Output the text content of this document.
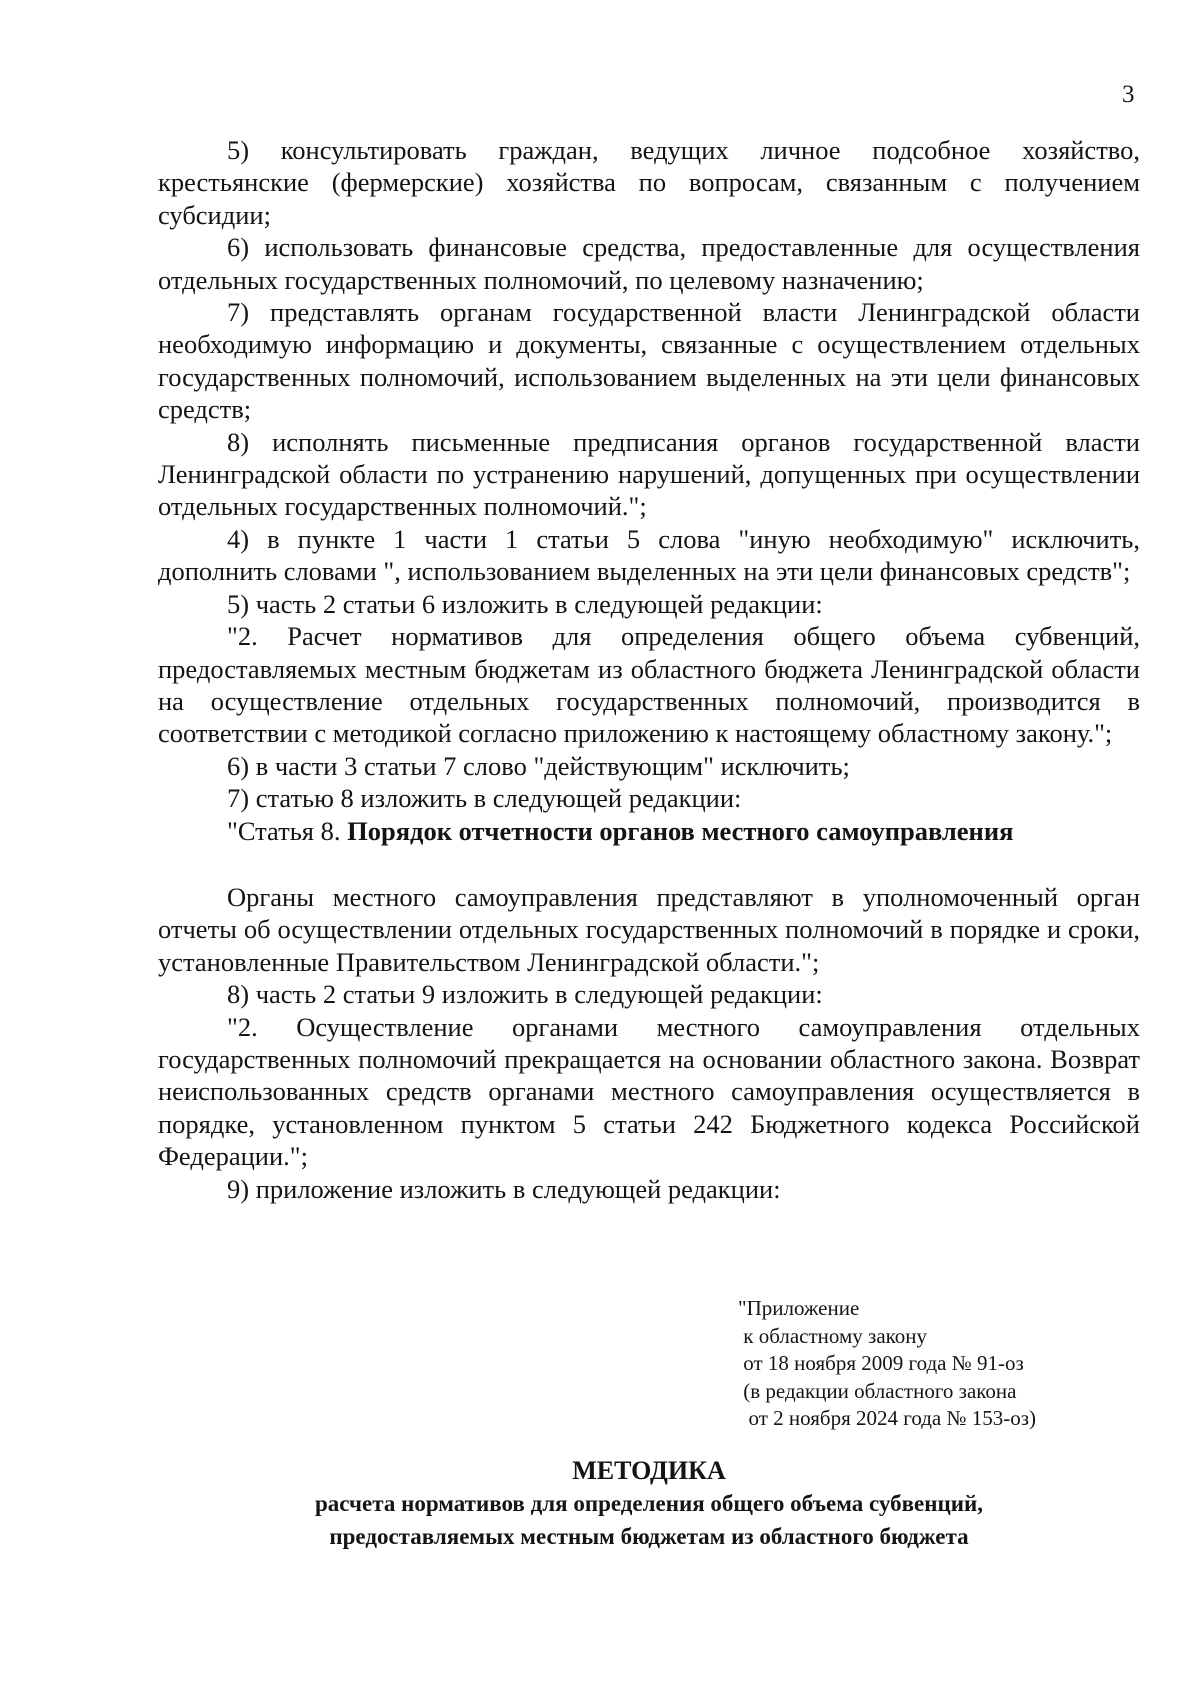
3

5) консультировать граждан, ведущих личное подсобное хозяйство, крестьянские (фермерские) хозяйства по вопросам, связанным с получением субсидии;

6) использовать финансовые средства, предоставленные для осуществления отдельных государственных полномочий, по целевому назначению;

7) представлять органам государственной власти Ленинградской области необходимую информацию и документы, связанные с осуществлением отдельных государственных полномочий, использованием выделенных на эти цели финансовых средств;

8) исполнять письменные предписания органов государственной власти Ленинградской области по устранению нарушений, допущенных при осуществлении отдельных государственных полномочий.";

4) в пункте 1 части 1 статьи 5 слова "иную необходимую" исключить, дополнить словами ", использованием выделенных на эти цели финансовых средств";

5) часть 2 статьи 6 изложить в следующей редакции:

"2. Расчет нормативов для определения общего объема субвенций, предоставляемых местным бюджетам из областного бюджета Ленинградской области на осуществление отдельных государственных полномочий, производится в соответствии с методикой согласно приложению к настоящему областному закону.";

6) в части 3 статьи 7 слово "действующим" исключить;

7) статью 8 изложить в следующей редакции:

"Статья 8. Порядок отчетности органов местного самоуправления

Органы местного самоуправления представляют в уполномоченный орган отчеты об осуществлении отдельных государственных полномочий в порядке и сроки, установленные Правительством Ленинградской области.";

8) часть 2 статьи 9 изложить в следующей редакции:

"2. Осуществление органами местного самоуправления отдельных государственных полномочий прекращается на основании областного закона. Возврат неиспользованных средств органами местного самоуправления осуществляется в порядке, установленном пунктом 5 статьи 242 Бюджетного кодекса Российской Федерации.";

9) приложение изложить в следующей редакции:

"Приложение
к областному закону
от 18 ноября 2009 года № 91-оз
(в редакции областного закона
от 2 ноября 2024 года № 153-оз)
МЕТОДИКА
расчета нормативов для определения общего объема субвенций,
предоставляемых местным бюджетам из областного бюджета
